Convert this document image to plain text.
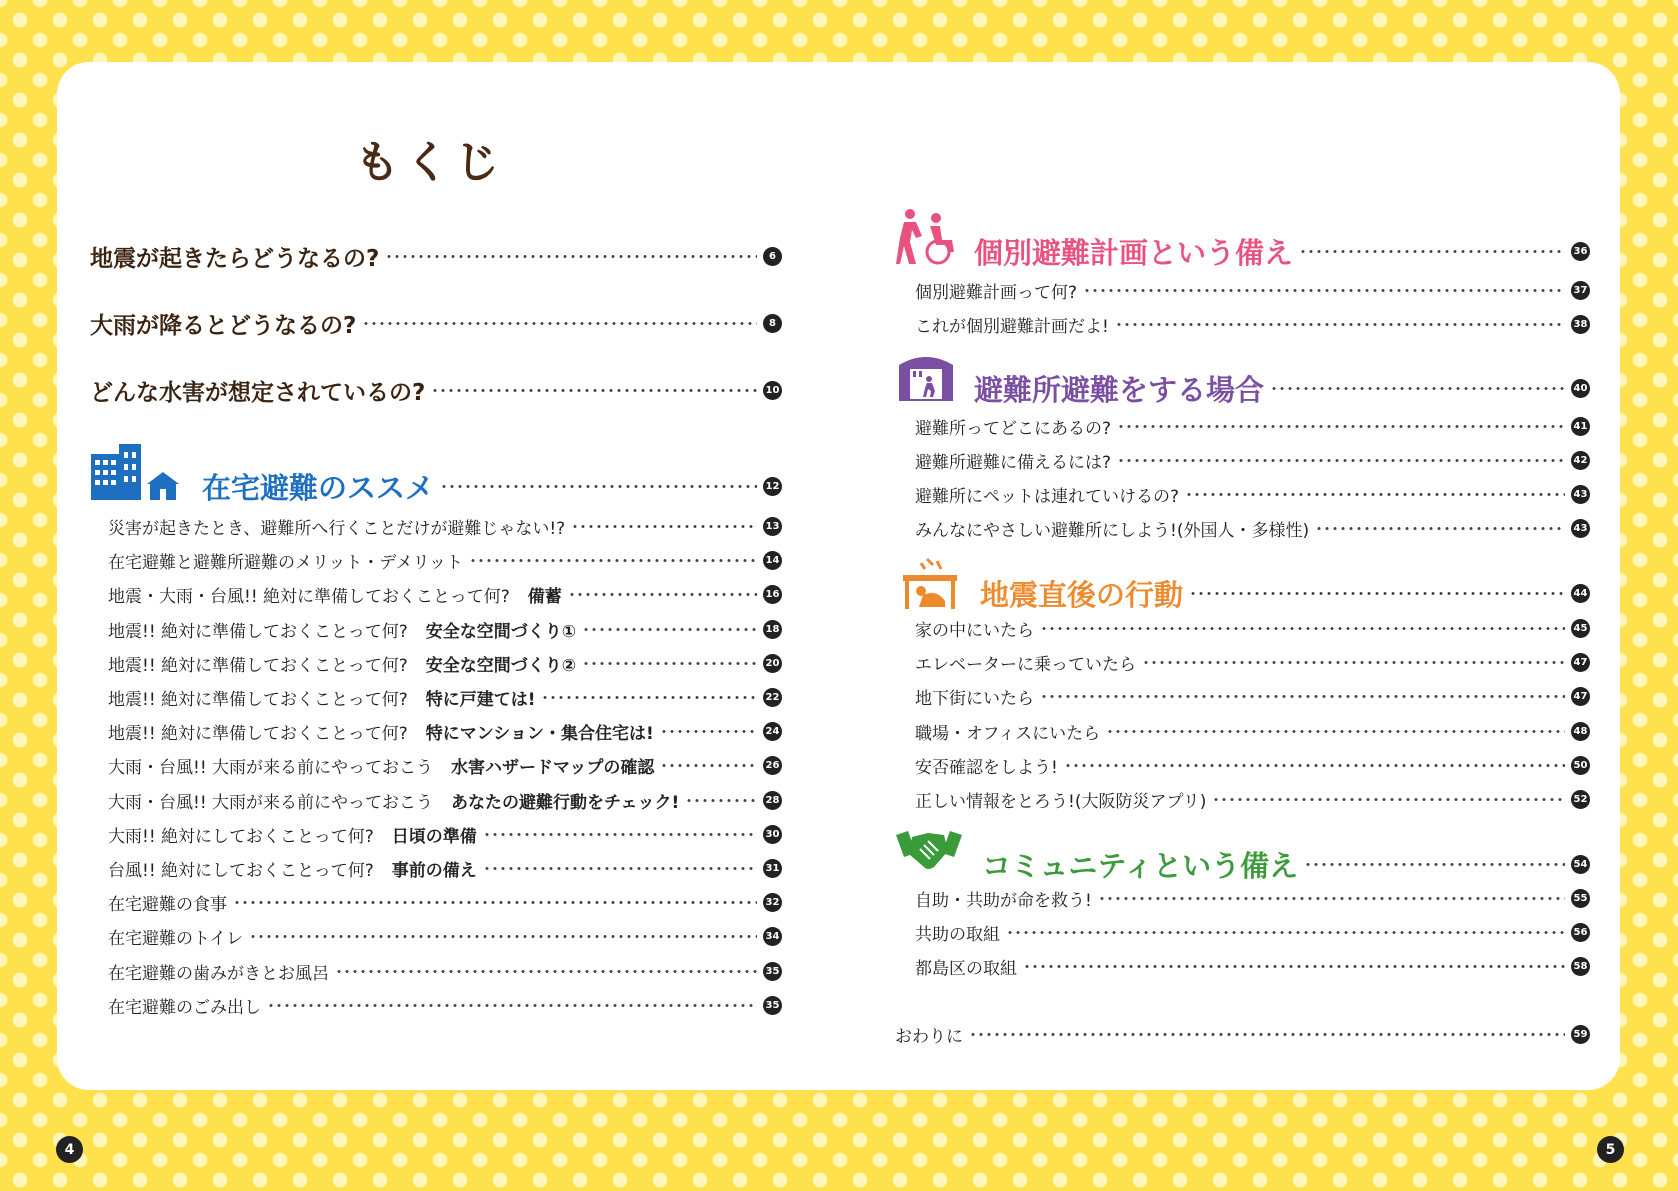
もくじ
地震が起きたらどうなるの?	6
大雨が降るとどうなるの?	8
どんな水害が想定されているの?	10
在宅避難のススメ	12
災害が起きたとき、避難所へ行くことだけが避難じゃない!?	13
在宅避難と避難所避難のメリット・デメリット	14
地震・大雨・台風!! 絶対に準備しておくことって何? 備蓄	16
地震!! 絶対に準備しておくことって何? 安全な空間づくり①	18
地震!! 絶対に準備しておくことって何? 安全な空間づくり②	20
地震!! 絶対に準備しておくことって何? 特に戸建ては!	22
地震!! 絶対に準備しておくことって何? 特にマンション・集合住宅は!	24
大雨・台風!! 大雨が来る前にやっておこう 水害ハザードマップの確認	26
大雨・台風!! 大雨が来る前にやっておこう あなたの避難行動をチェック!	28
大雨!! 絶対にしておくことって何? 日頃の準備	30
台風!! 絶対にしておくことって何? 事前の備え	31
在宅避難の食事	32
在宅避難のトイレ	34
在宅避難の歯みがきとお風呂	35
在宅避難のごみ出し	35
個別避難計画という備え	36
個別避難計画って何?	37
これが個別避難計画だよ!	38
避難所避難をする場合	40
避難所ってどこにあるの?	41
避難所避難に備えるには?	42
避難所にペットは連れていけるの?	43
みんなにやさしい避難所にしよう!(外国人・多様性)	43
地震直後の行動	44
家の中にいたら	45
エレベーターに乗っていたら	47
地下街にいたら	47
職場・オフィスにいたら	48
安否確認をしよう!	50
正しい情報をとろう!(大阪防災アプリ)	52
コミュニティという備え	54
自助・共助が命を救う!	55
共助の取組	56
都島区の取組	58
おわりに	59
4	5
